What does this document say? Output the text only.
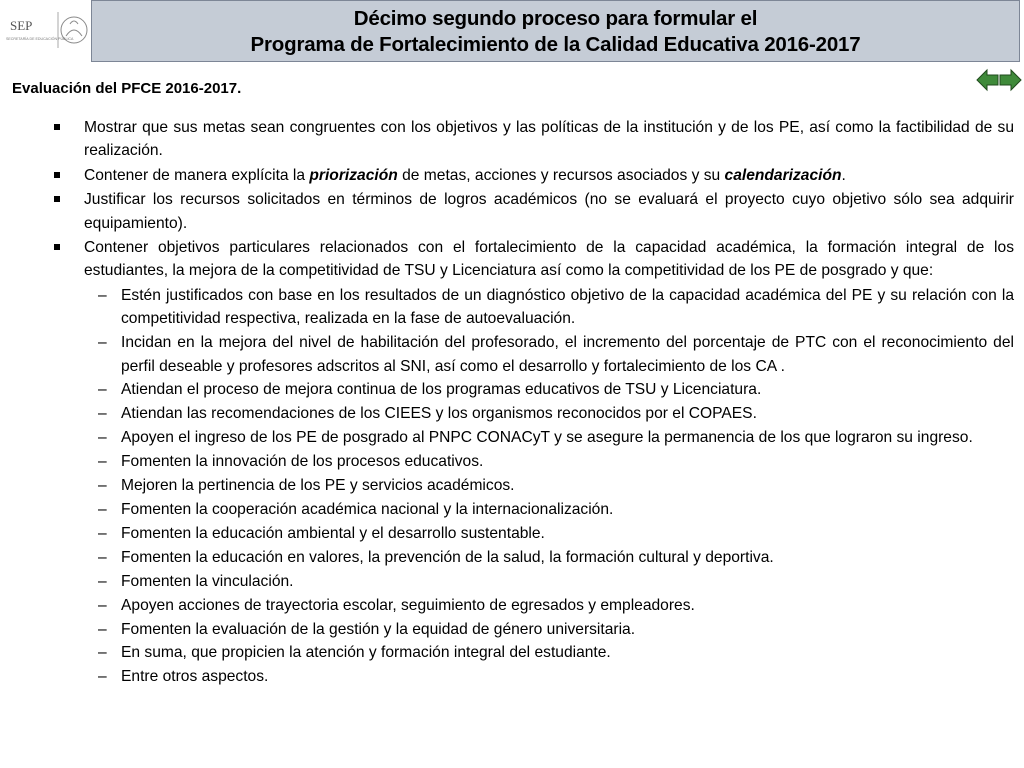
SEP
SECRETARÍA DE EDUCACIÓN PÚBLICA
Décimo segundo proceso para formular el
Programa de Fortalecimiento de la Calidad Educativa 2016-2017
Evaluación del PFCE 2016-2017.
Mostrar que sus metas sean congruentes con los objetivos y las políticas de la institución y de los PE, así como la factibilidad de su realización.
Contener de manera explícita la priorización de metas, acciones y recursos asociados y su calendarización.
Justificar los recursos solicitados en términos de logros académicos (no se evaluará el proyecto cuyo objetivo sólo sea adquirir equipamiento).
Contener objetivos particulares relacionados con el fortalecimiento de la capacidad académica, la formación integral de los estudiantes, la mejora de la competitividad de TSU y Licenciatura así como la competitividad de los PE de posgrado y que:
– Estén justificados con base en los resultados de un diagnóstico objetivo de la capacidad académica del PE y su relación con la competitividad respectiva, realizada en la fase de autoevaluación.
– Incidan en la mejora del nivel de habilitación del profesorado, el incremento del porcentaje de PTC con el reconocimiento del perfil deseable y profesores adscritos al SNI, así como el desarrollo y fortalecimiento de los CA .
– Atiendan el proceso de mejora continua de los programas educativos de TSU y Licenciatura.
– Atiendan las recomendaciones de los CIEES y los organismos reconocidos por el COPAES.
– Apoyen el ingreso de los PE de posgrado al PNPC CONACyT y se asegure la permanencia de los que lograron su ingreso.
– Fomenten la innovación de los procesos educativos.
– Mejoren la pertinencia de los PE y servicios académicos.
– Fomenten la cooperación académica nacional y la internacionalización.
– Fomenten la educación ambiental y el desarrollo sustentable.
– Fomenten la educación en valores, la prevención de la salud, la formación cultural y deportiva.
– Fomenten la vinculación.
– Apoyen acciones de trayectoria escolar, seguimiento de egresados y empleadores.
– Fomenten la evaluación de la gestión y la equidad de género universitaria.
– En suma, que propicien la atención y formación integral del estudiante.
– Entre otros aspectos.
